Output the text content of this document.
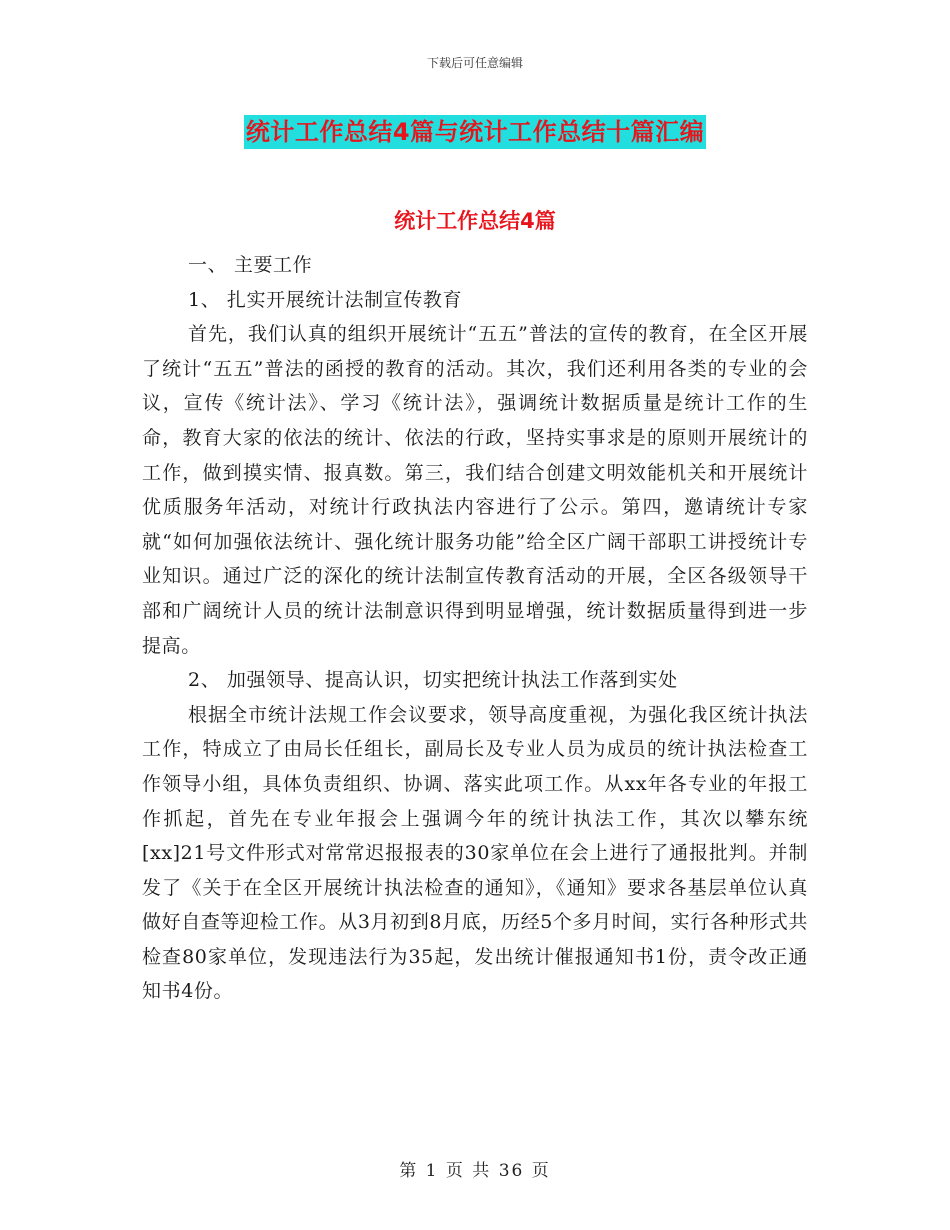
下载后可任意编辑
统计工作总结4篇与统计工作总结十篇汇编
统计工作总结4篇

一、 主要工作

1、 扎实开展统计法制宣传教育

首先，我们认真的组织开展统计“五五”普法的宣传的教育，在全区开展了统计“五五”普法的函授的教育的活动。其次，我们还利用各类的专业的会议，宣传《统计法》、学习《统计法》，强调统计数据质量是统计工作的生命，教育大家的依法的统计、依法的行政，坚持实事求是的原则开展统计的工作，做到摸实情、报真数。第三，我们结合创建文明效能机关和开展统计优质服务年活动，对统计行政执法内容进行了公示。第四，邀请统计专家就“如何加强依法统计、强化统计服务功能”给全区广阔干部职工讲授统计专业知识。通过广泛的深化的统计法制宣传教育活动的开展，全区各级领导干部和广阔统计人员的统计法制意识得到明显增强，统计数据质量得到进一步提高。

2、 加强领导、提高认识，切实把统计执法工作落到实处

根据全市统计法规工作会议要求，领导高度重视，为强化我区统计执法工作，特成立了由局长任组长，副局长及专业人员为成员的统计执法检查工作领导小组，具体负责组织、协调、落实此项工作。从xx年各专业的年报工作抓起，首先在专业年报会上强调今年的统计执法工作，其次以攀东统[xx]21号文件形式对常常迟报报表的30家单位在会上进行了通报批判。并制发了《关于在全区开展统计执法检查的通知》，《通知》要求各基层单位认真做好自查等迎检工作。从3月初到8月底，历经5个多月时间，实行各种形式共检查80家单位，发现违法行为35起，发出统计催报通知书1份，责令改正通知书4份。

第 1 页 共 36 页
